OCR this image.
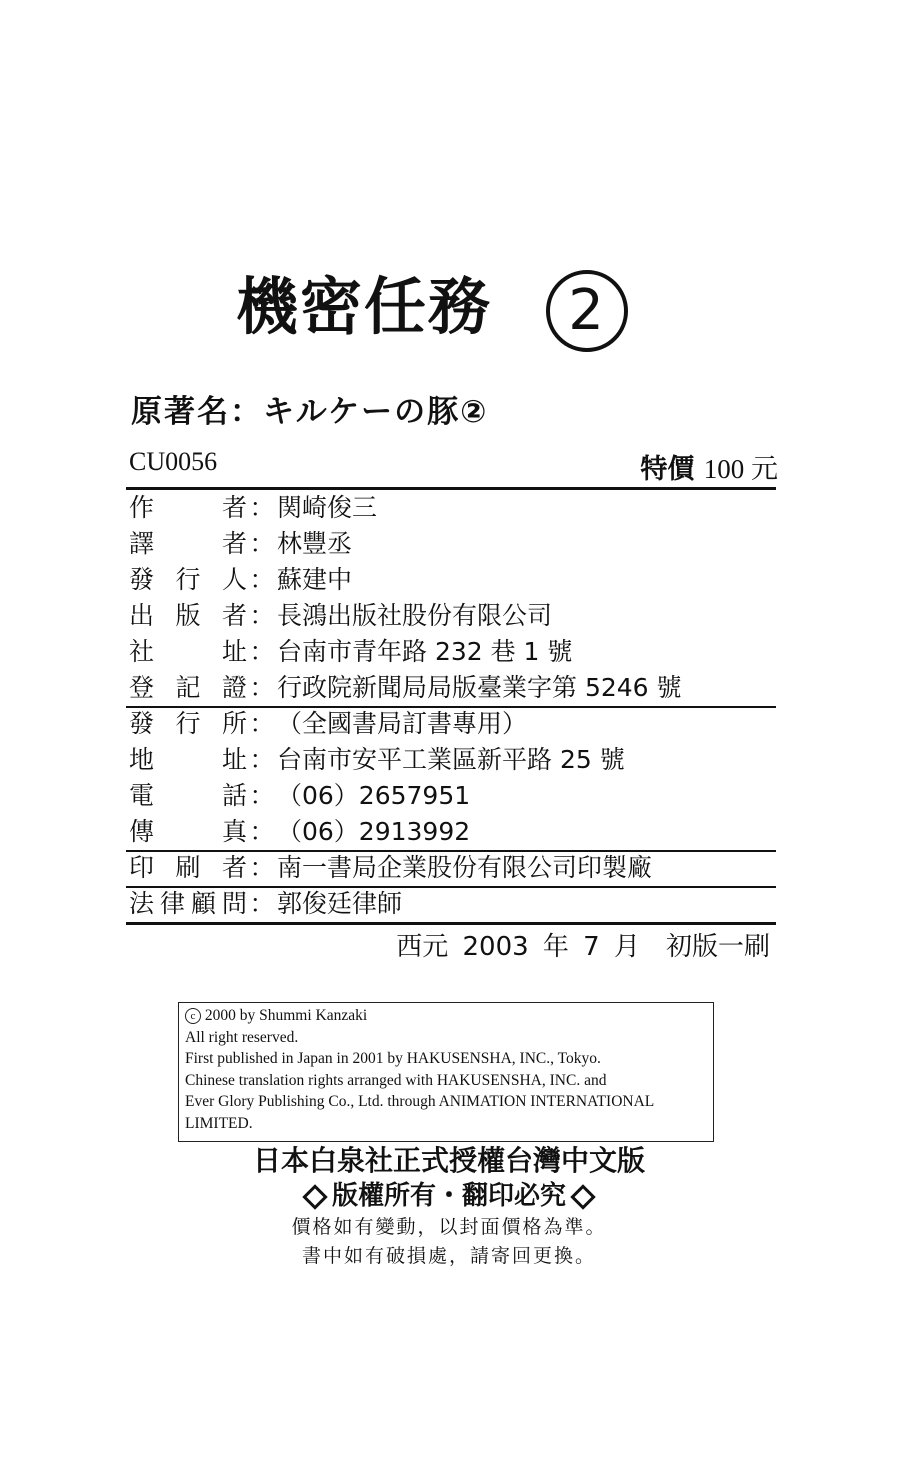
機密任務 2
原著名：キルケーの豚②
CU0056	特價 100 元
作者： 関崎俊三
譯者： 林豐丞
發行人： 蘇建中
出版者： 長鴻出版社股份有限公司
社址： 台南市青年路 232 巷 1 號
登記證： 行政院新聞局局版臺業字第 5246 號
發行所： （全國書局訂書專用）
地址： 台南市安平工業區新平路 25 號
電話： （06）2657951
傳真： （06）2913992
印刷者： 南一書局企業股份有限公司印製廠
法律顧問： 郭俊廷律師
西元 2003 年 7 月　初版一刷
c 2000 by Shummi Kanzaki
All right reserved.
First published in Japan in 2001 by HAKUSENSHA, INC., Tokyo.
Chinese translation rights arranged with HAKUSENSHA, INC. and
Ever Glory Publishing Co., Ltd. through ANIMATION INTERNATIONAL
LIMITED.
日本白泉社正式授權台灣中文版
版權所有・翻印必究
價格如有變動，以封面價格為準。
書中如有破損處，請寄回更換。
